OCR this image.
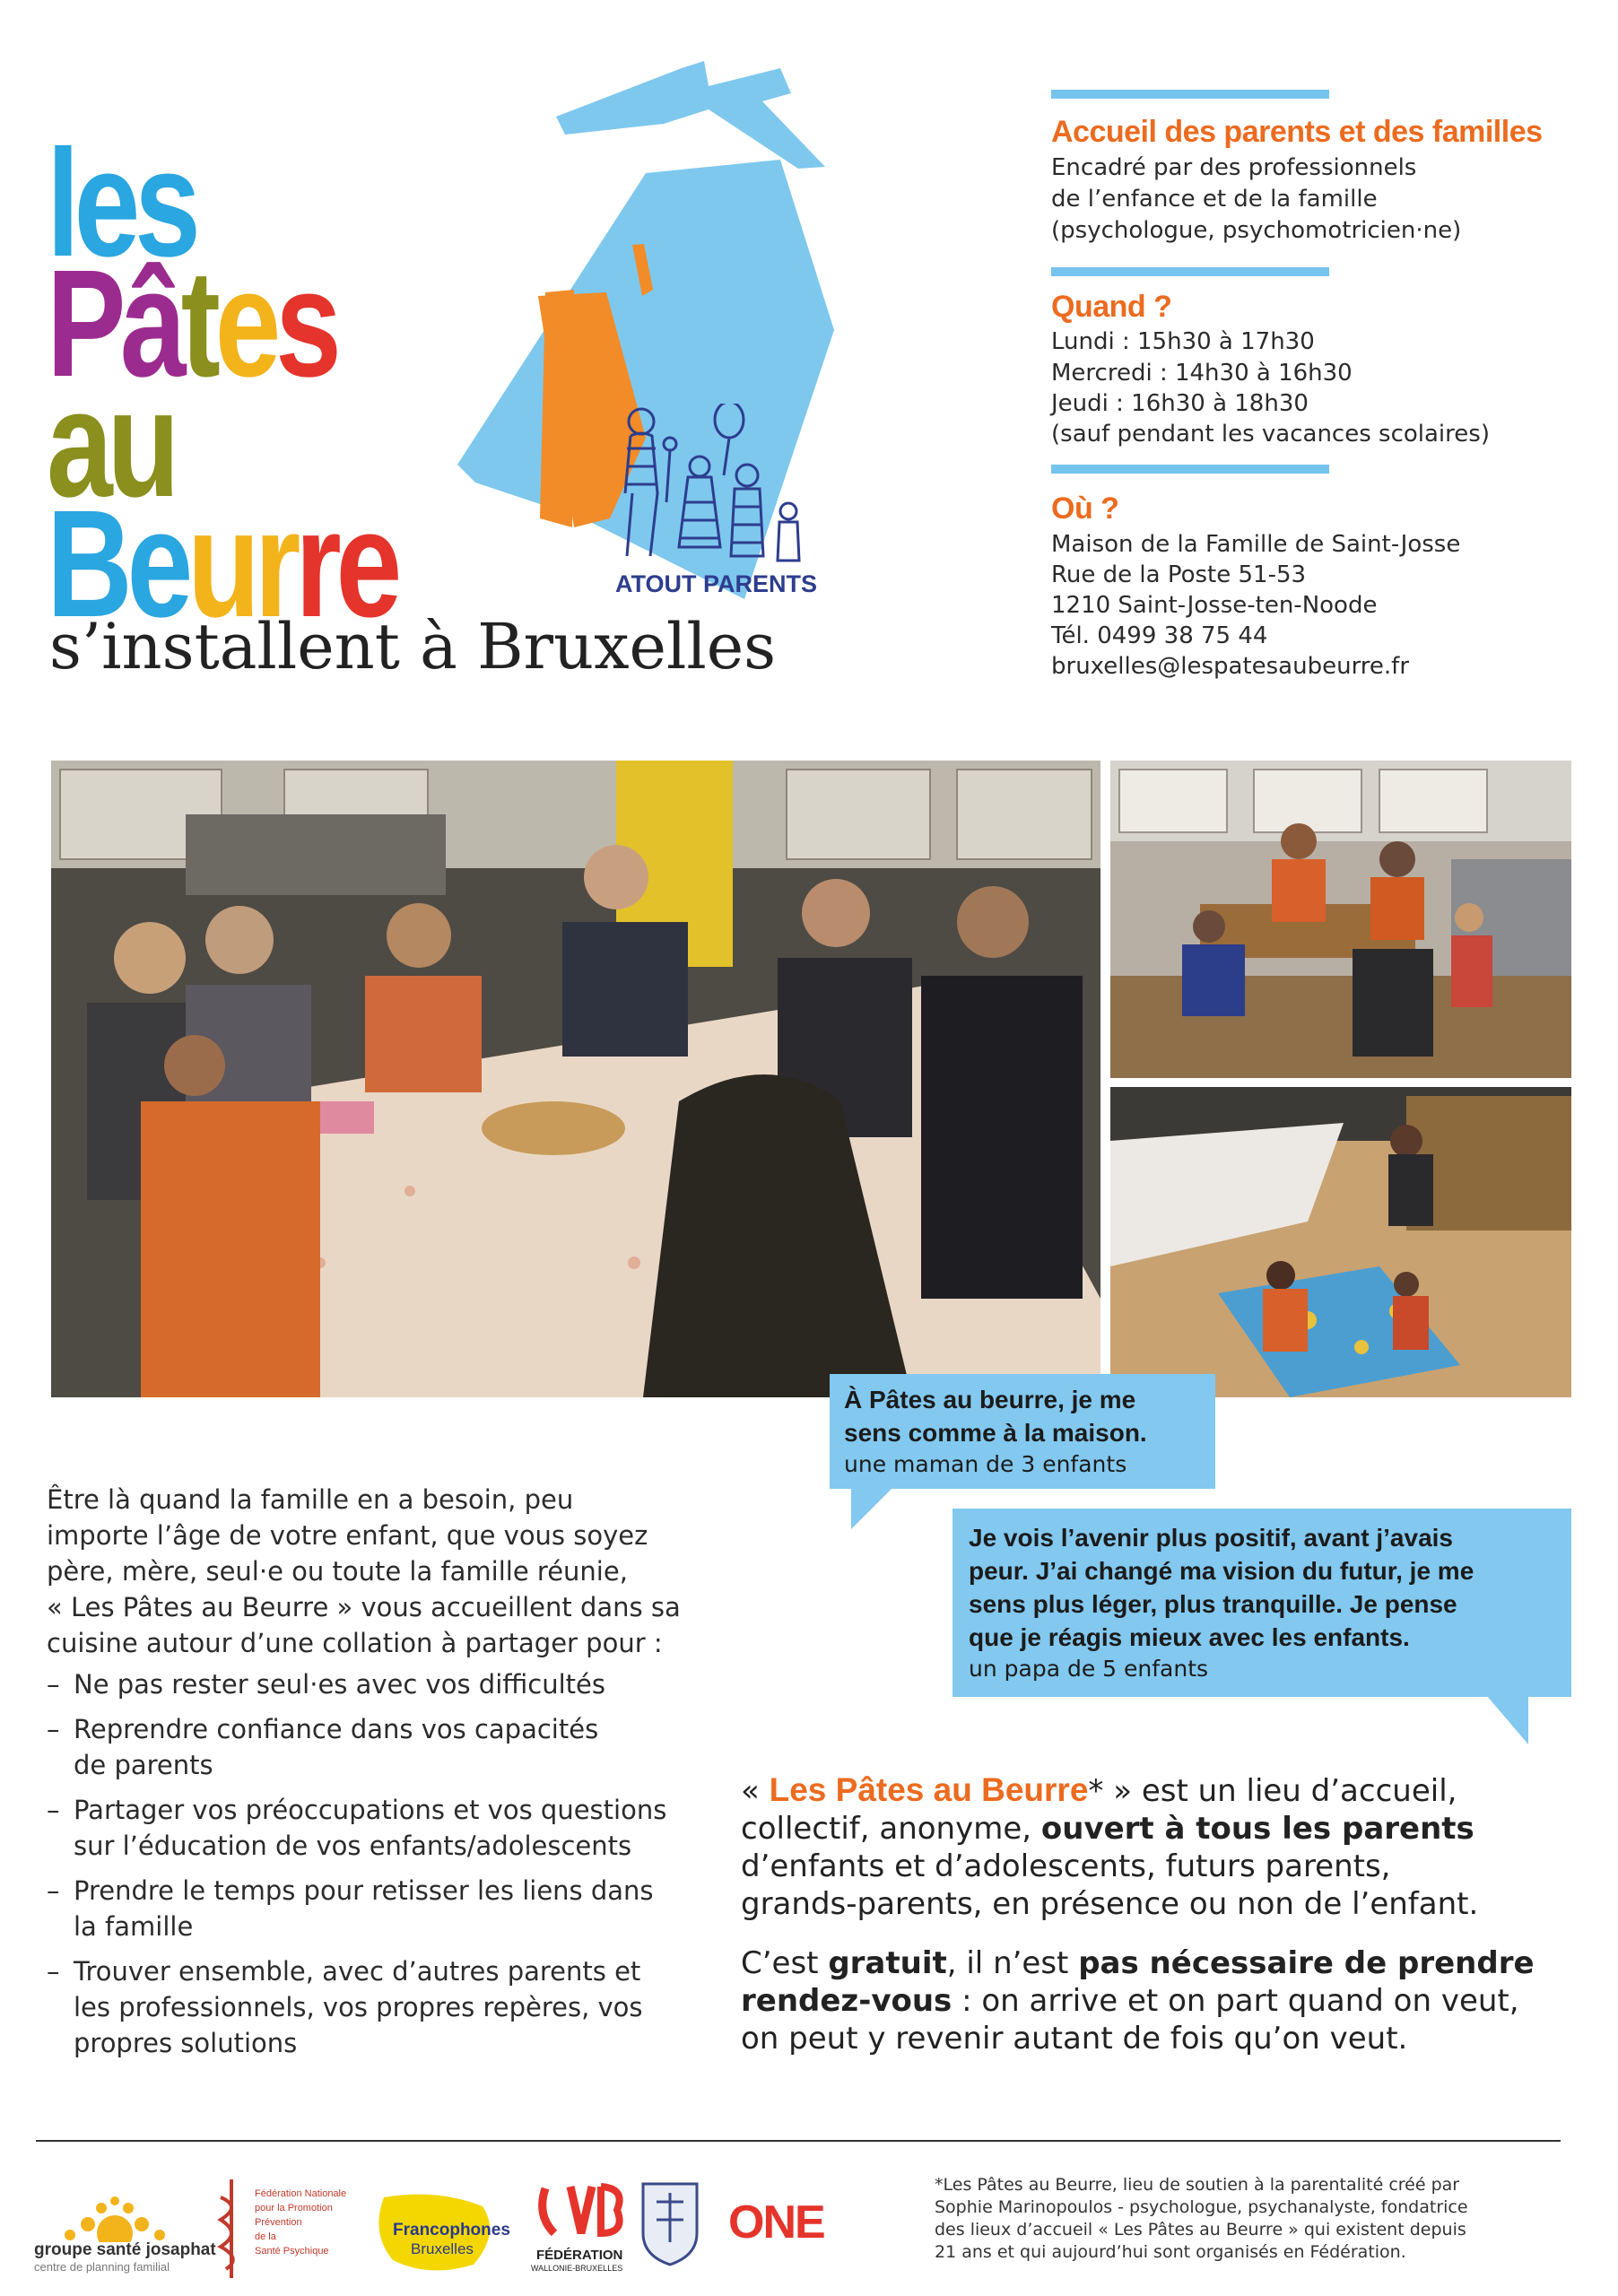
ATOUT PARENTS
les
Pâtes
au
Beurre
s’installent à Bruxelles
Accueil des parents et des familles

Encadré par des professionnels

de l’enfance et de la famille

(psychologue, psychomotricien·ne)

Quand ?

Lundi : 15h30 à 17h30

Mercredi : 14h30 à 16h30

Jeudi : 16h30 à 18h30

(sauf pendant les vacances scolaires)

Où ?

Maison de la Famille de Saint-Josse

Rue de la Poste 51-53

1210 Saint-Josse-ten-Noode

Tél. 0499 38 75 44

bruxelles@lespatesaubeurre.fr

À Pâtes au beurre, je me

sens comme à la maison.

une maman de 3 enfants

Je vois l’avenir plus positif, avant j’avais

peur. J’ai changé ma vision du futur, je me

sens plus léger, plus tranquille. Je pense

que je réagis mieux avec les enfants.

un papa de 5 enfants

Être là quand la famille en a besoin, peu

importe l’âge de votre enfant, que vous soyez

père, mère, seul·e ou toute la famille réunie,

« Les Pâtes au Beurre » vous accueillent dans sa

cuisine autour d’une collation à partager pour :

– Ne pas rester seul·es avec vos difficultés
– Reprendre confiance dans vos capacités
de parents
– Partager vos préoccupations et vos questions
sur l’éducation de vos enfants/adolescents
– Prendre le temps pour retisser les liens dans
la famille
– Trouver ensemble, avec d’autres parents et
les professionnels, vos propres repères, vos
propres solutions

« Les Pâtes au Beurre* » est un lieu d’accueil,
collectif, anonyme, ouvert à tous les parents
d’enfants et d’adolescents, futurs parents,
grands-parents, en présence ou non de l’enfant.

C’est gratuit, il n’est pas nécessaire de prendre
rendez-vous : on arrive et on part quand on veut,
on peut y revenir autant de fois qu’on veut.

groupe santé josaphat
centre de planning familial
Fédération Nationale
pour la Promotion
Prévention
de la
Santé Psychique
Francophones
Bruxelles	FÉDÉRATION
WALLONIE-BRUXELLES
ONE
*Les Pâtes au Beurre, lieu de soutien à la parentalité créé par
Sophie Marinopoulos - psychologue, psychanalyste, fondatrice
des lieux d’accueil « Les Pâtes au Beurre » qui existent depuis
21 ans et qui aujourd’hui sont organisés en Fédération.
